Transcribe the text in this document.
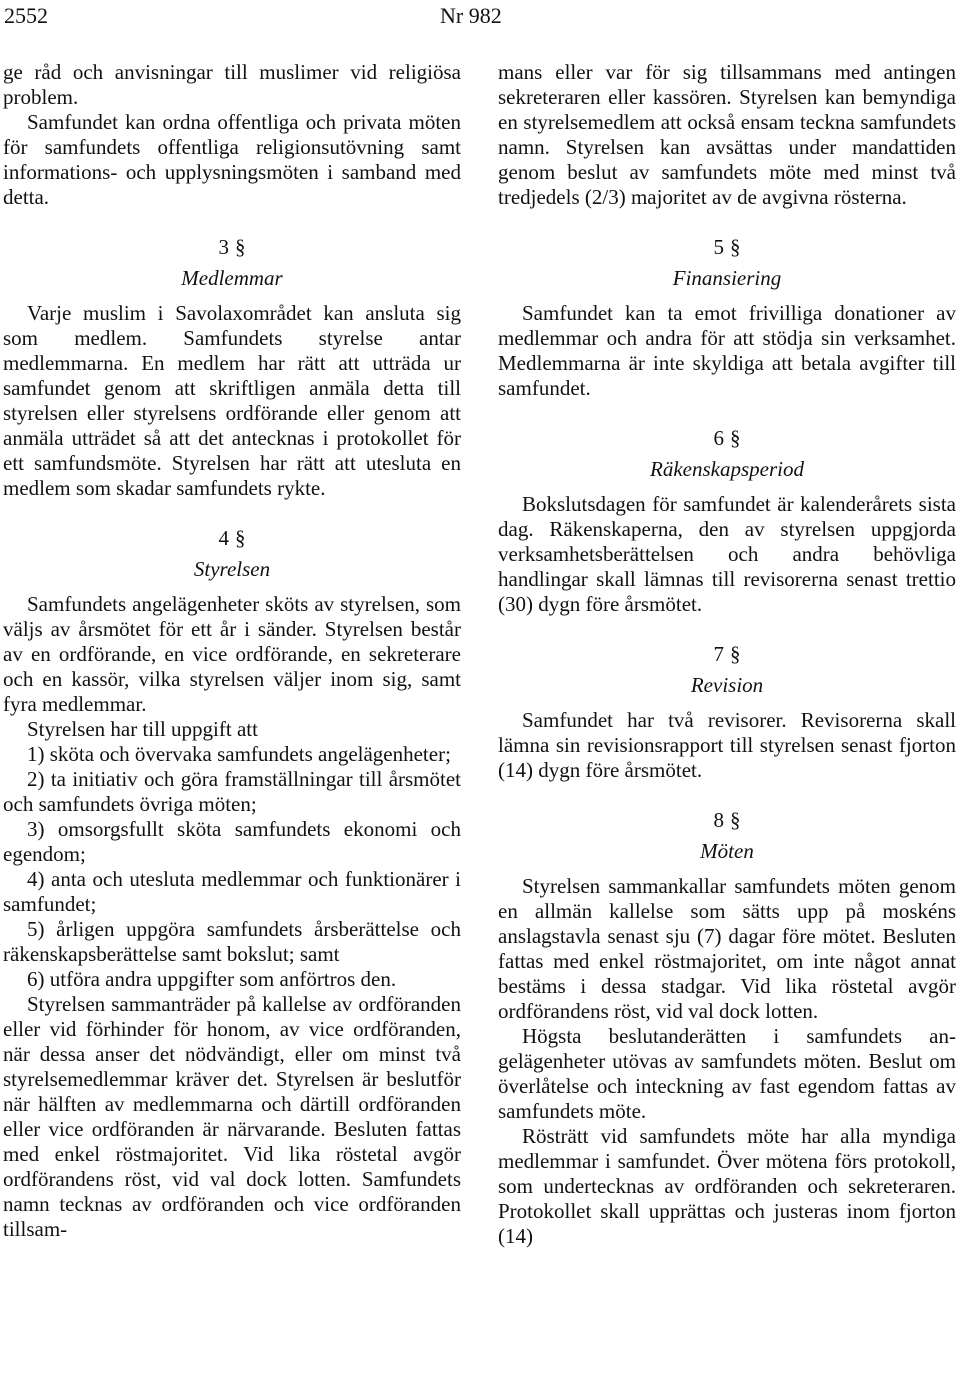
2552	Nr 982

ge råd och anvisningar till muslimer vid religiösa problem.

Samfundet kan ordna offentliga och privata möten för samfundets offentliga religionsutövning samt informations- och upplysningsmöten i samband med detta.

3 §
Medlemmar

Varje muslim i Savolaxområdet kan ansluta sig som medlem. Samfundets styrelse antar medlemmarna. En medlem har rätt att utträda ur samfundet genom att skriftligen anmäla detta till styrelsen eller styrelsens ordförande eller genom att anmäla utträdet så att det antecknas i protokollet för ett samfundsmöte. Styrelsen har rätt att utesluta en medlem som skadar samfundets rykte.

4 §
Styrelsen

Samfundets angelägenheter sköts av styrelsen, som väljs av årsmötet för ett år i sänder. Styrelsen består av en ordförande, en vice ordförande, en sekreterare och en kassör, vilka styrelsen väljer inom sig, samt fyra medlemmar.

Styrelsen har till uppgift att

1) sköta och övervaka samfundets angelägenheter;

2) ta initiativ och göra framställningar till årsmötet och samfundets övriga möten;

3) omsorgsfullt sköta samfundets ekonomi och egendom;

4) anta och utesluta medlemmar och funktionärer i samfundet;

5) årligen uppgöra samfundets årsberättelse och räkenskapsberättelse samt bokslut; samt

6) utföra andra uppgifter som anförtros den.

Styrelsen sammanträder på kallelse av ordföranden eller vid förhinder för honom, av vice ordföranden, när dessa anser det nödvändigt, eller om minst två styrelsemedlemmar kräver det. Styrelsen är beslutför när hälften av medlemmarna och därtill ordföranden eller vice ordföranden är närvarande. Besluten fattas med enkel röstmajoritet. Vid lika röstetal avgör ordförandens röst, vid val dock lotten. Samfundets namn tecknas av ordföranden och vice ordföranden tillsam-

mans eller var för sig tillsammans med antingen sekreteraren eller kassören. Styrelsen kan bemyndiga en styrelsemedlem att också ensam teckna samfundets namn. Styrelsen kan avsättas under mandattiden genom beslut av samfundets möte med minst två tredjedels (2/3) majoritet av de avgivna rösterna.

5 §
Finansiering

Samfundet kan ta emot frivilliga donationer av medlemmar och andra för att stödja sin verksamhet. Medlemmarna är inte skyldiga att betala avgifter till samfundet.

6 §
Räkenskapsperiod

Bokslutsdagen för samfundet är kalenderårets sista dag. Räkenskaperna, den av styrelsen uppgjorda verksamhetsberättelsen och andra behövliga handlingar skall lämnas till revisorerna senast trettio (30) dygn före årsmötet.

7 §
Revision

Samfundet har två revisorer. Revisorerna skall lämna sin revisionsrapport till styrelsen senast fjorton (14) dygn före årsmötet.

8 §
Möten

Styrelsen sammankallar samfundets möten genom en allmän kallelse som sätts upp på moskéns anslagstavla senast sju (7) dagar före mötet. Besluten fattas med enkel röstmajoritet, om inte något annat bestäms i dessa stadgar. Vid lika röstetal avgör ordförandens röst, vid val dock lotten.

Högsta beslutanderätten i samfundets angelägenheter utövas av samfundets möten. Beslut om överlåtelse och inteckning av fast egendom fattas av samfundets möte.

Rösträtt vid samfundets möte har alla myndiga medlemmar i samfundet. Över mötena förs protokoll, som undertecknas av ordföranden och sekreteraren. Protokollet skall upprättas och justeras inom fjorton (14)
